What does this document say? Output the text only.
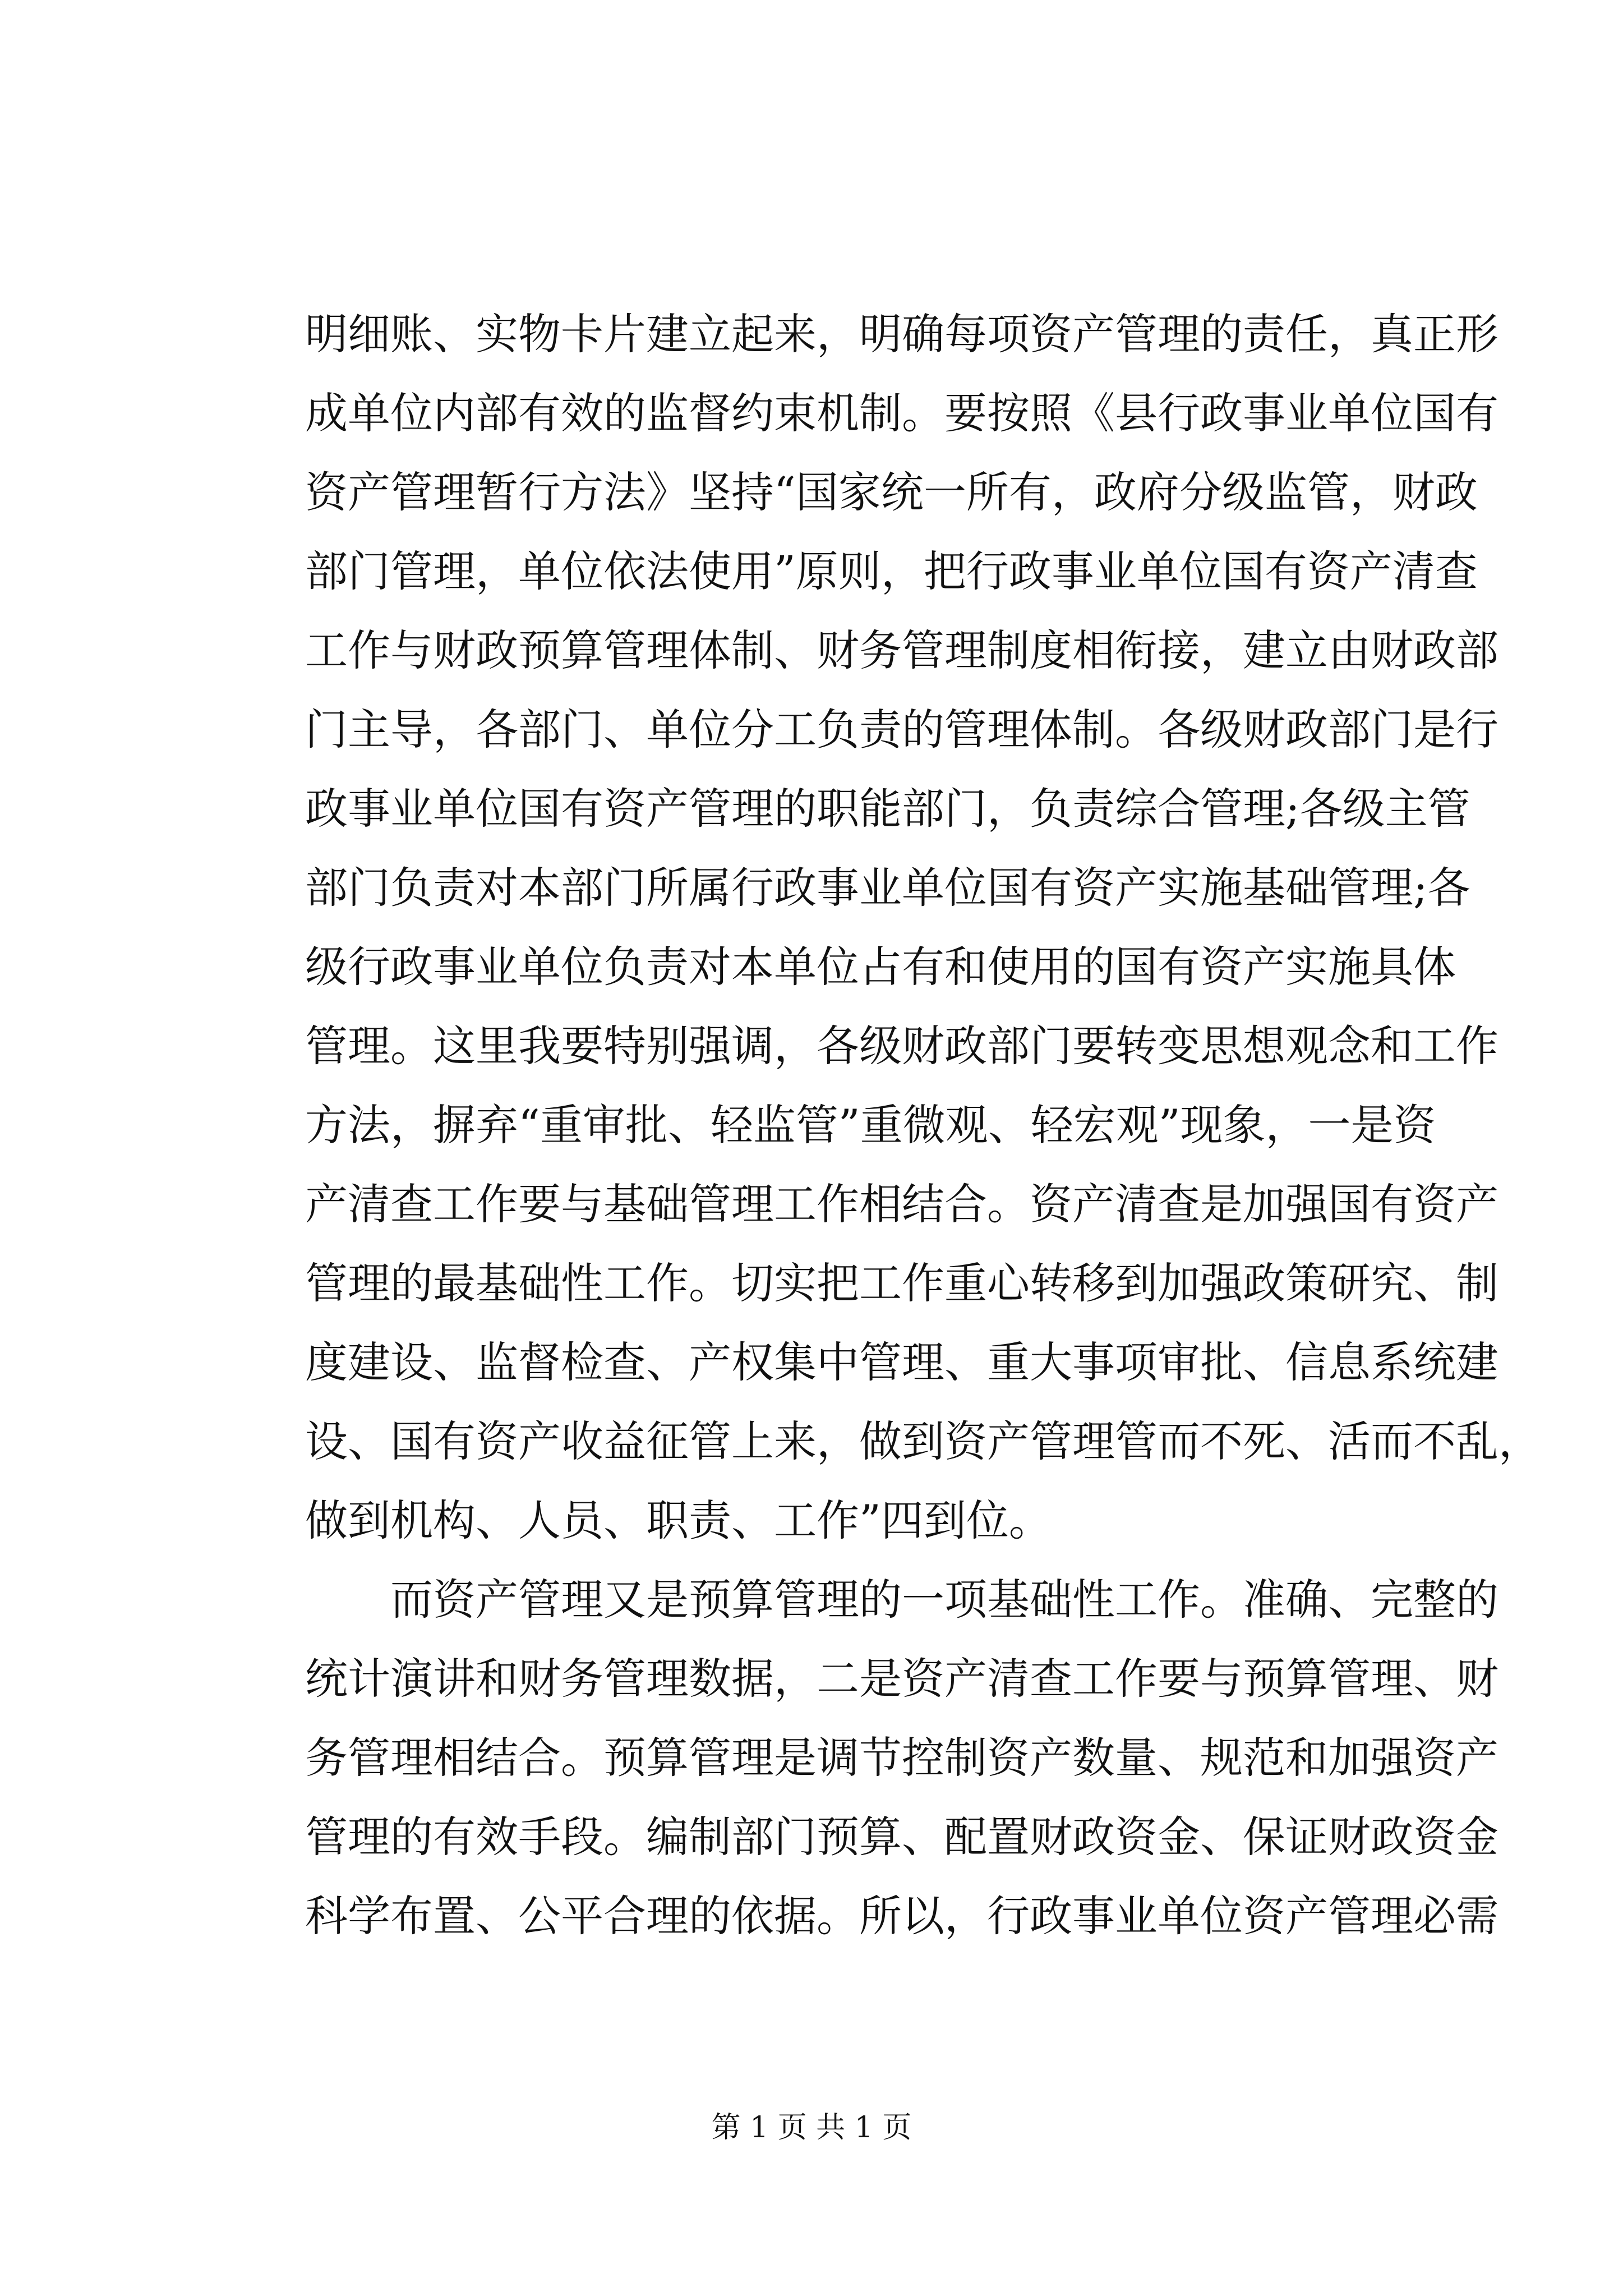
明细账、实物卡片建立起来，明确每项资产管理的责任，真正形
成单位内部有效的监督约束机制。要按照《县行政事业单位国有
资产管理暂行方法》坚持“国家统一所有，政府分级监管，财政
部门管理，单位依法使用”原则，把行政事业单位国有资产清查
工作与财政预算管理体制、财务管理制度相衔接，建立由财政部
门主导，各部门、单位分工负责的管理体制。各级财政部门是行
政事业单位国有资产管理的职能部门，负责综合管理;各级主管
部门负责对本部门所属行政事业单位国有资产实施基础管理;各
级行政事业单位负责对本单位占有和使用的国有资产实施具体
管理。这里我要特别强调，各级财政部门要转变思想观念和工作
方法，摒弃“重审批、轻监管”重微观、轻宏观”现象，一是资
产清查工作要与基础管理工作相结合。资产清查是加强国有资产
管理的最基础性工作。切实把工作重心转移到加强政策研究、制
度建设、监督检查、产权集中管理、重大事项审批、信息系统建
设、国有资产收益征管上来，做到资产管理管而不死、活而不乱，
做到机构、人员、职责、工作”四到位。
而资产管理又是预算管理的一项基础性工作。准确、完整的
统计演讲和财务管理数据，二是资产清查工作要与预算管理、财
务管理相结合。预算管理是调节控制资产数量、规范和加强资产
管理的有效手段。编制部门预算、配置财政资金、保证财政资金
科学布置、公平合理的依据。所以，行政事业单位资产管理必需
第 1 页 共 1 页
